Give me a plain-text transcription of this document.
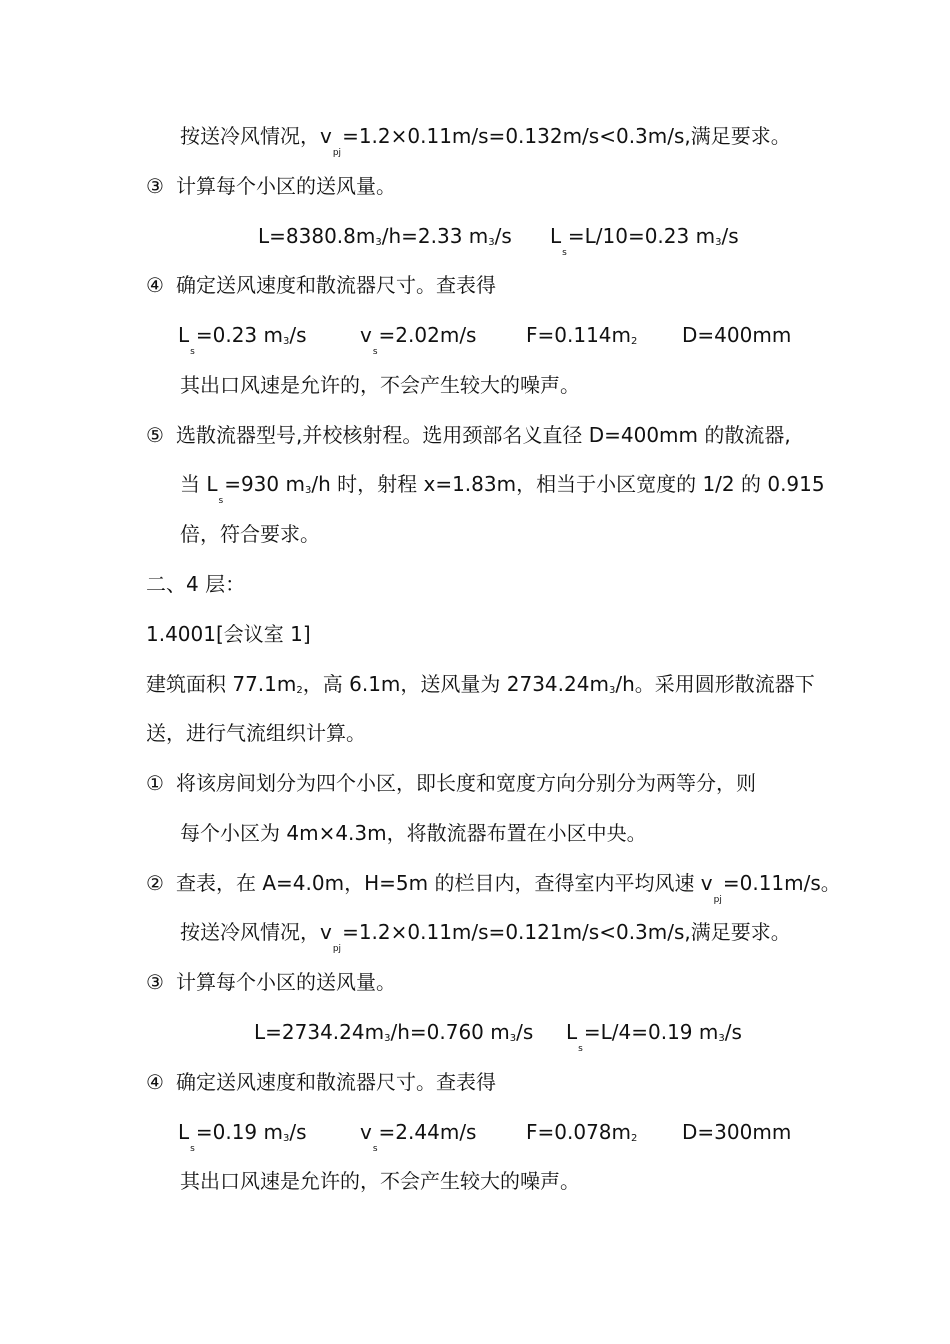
按送冷风情况，$v_{pj}=1.2\times 0.11m/s=0.132m/s<0.3m/s$,满足要求。
③ 计算每个小区的送风量。
L=8380.8m3/h=2.33 m3/s $L_s=L/10=0.23$ m3/s
④ 确定送风速度和散流器尺寸。查表得
$L_s=0.23$ m3/s	$v_s=2.02m/s$ F=0.114m2 D=400mm
其出口风速是允许的，不会产生较大的噪声。
⑤ 选散流器型号,并校核射程。选用颈部名义直径 D=400mm 的散流器,
当 $L_s=930$ m3/h 时，射程 x=1.83m，相当于小区宽度的 1/2 的 0.915
倍，符合要求。
二、4 层：
1.4001[会议室 1]
建筑面积 77.1m2，高 6.1m，送风量为 2734.24m3/h。采用圆形散流器下
送，进行气流组织计算。
① 将该房间划分为四个小区，即长度和宽度方向分别分为两等分，则
每个小区为 4m×4.3m，将散流器布置在小区中央。
② 查表，在 A=4.0m，H=5m 的栏目内，查得室内平均风速 $v_{pj}=0.11m/s$。
按送冷风情况，$v_{pj}=1.2\times 0.11m/s=0.121m/s<0.3m/s$,满足要求。
③ 计算每个小区的送风量。
L=2734.24m3/h=0.760 m3/s $L_s=L/4=0.19$ m3/s
④ 确定送风速度和散流器尺寸。查表得
$L_s=0.19$ m3/s	$v_s=2.44m/s$ F=0.078m2 D=300mm
其出口风速是允许的，不会产生较大的噪声。
